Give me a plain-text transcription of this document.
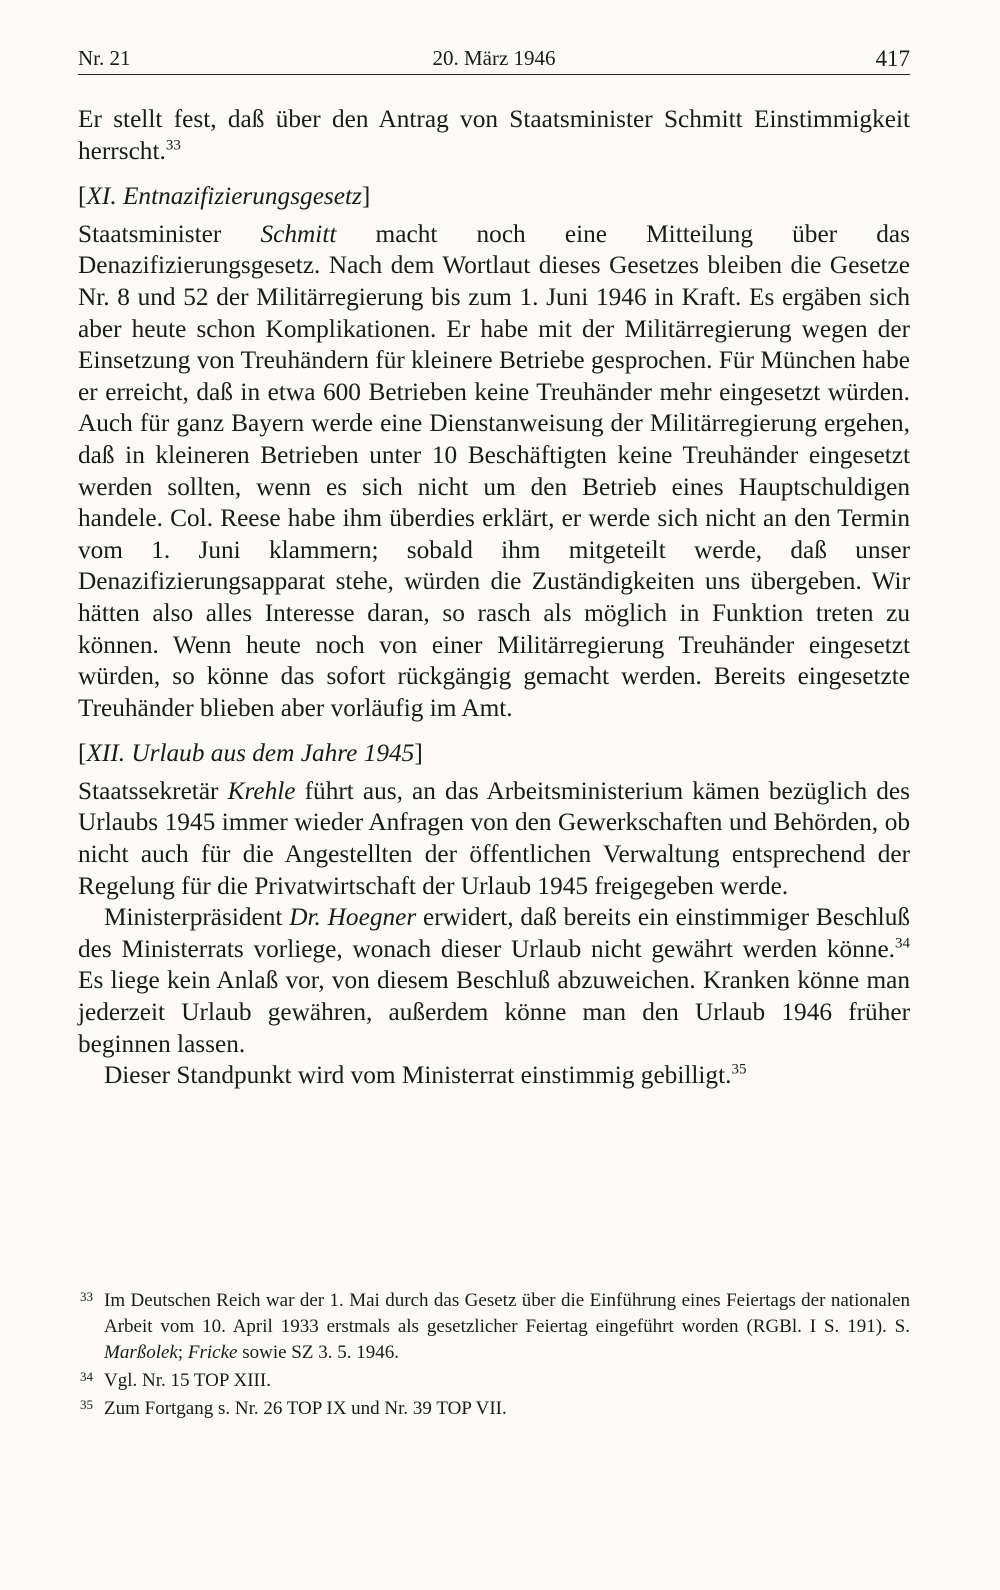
Nr. 21	20. März 1946	417

Er stellt fest, daß über den Antrag von Staatsminister Schmitt Einstimmigkeit herrscht.$^{33}$

[XI. Entnazifizierungsgesetz]

Staatsminister Schmitt macht noch eine Mitteilung über das Denazifizierungsgesetz. Nach dem Wortlaut dieses Gesetzes bleiben die Gesetze Nr. 8 und 52 der Militärregierung bis zum 1. Juni 1946 in Kraft. Es ergäben sich aber heute schon Komplikationen. Er habe mit der Militärregierung wegen der Einsetzung von Treuhändern für kleinere Betriebe gesprochen. Für München habe er erreicht, daß in etwa 600 Betrieben keine Treuhänder mehr eingesetzt würden. Auch für ganz Bayern werde eine Dienstanweisung der Militärregierung ergehen, daß in kleineren Betrieben unter 10 Beschäftigten keine Treuhänder eingesetzt werden sollten, wenn es sich nicht um den Betrieb eines Hauptschuldigen handele. Col. Reese habe ihm überdies erklärt, er werde sich nicht an den Termin vom 1. Juni klammern; sobald ihm mitgeteilt werde, daß unser Denazifizierungsapparat stehe, würden die Zuständigkeiten uns übergeben. Wir hätten also alles Interesse daran, so rasch als möglich in Funktion treten zu können. Wenn heute noch von einer Militärregierung Treuhänder eingesetzt würden, so könne das sofort rückgängig gemacht werden. Bereits eingesetzte Treuhänder blieben aber vorläufig im Amt.

[XII. Urlaub aus dem Jahre 1945]

Staatssekretär Krehle führt aus, an das Arbeitsministerium kämen bezüglich des Urlaubs 1945 immer wieder Anfragen von den Gewerkschaften und Behörden, ob nicht auch für die Angestellten der öffentlichen Verwaltung entsprechend der Regelung für die Privatwirtschaft der Urlaub 1945 freigegeben werde.

Ministerpräsident Dr. Hoegner erwidert, daß bereits ein einstimmiger Beschluß des Ministerrats vorliege, wonach dieser Urlaub nicht gewährt werden könne.$^{34}$ Es liege kein Anlaß vor, von diesem Beschluß abzuweichen. Kranken könne man jederzeit Urlaub gewähren, außerdem könne man den Urlaub 1946 früher beginnen lassen.

Dieser Standpunkt wird vom Ministerrat einstimmig gebilligt.$^{35}$

33 Im Deutschen Reich war der 1. Mai durch das Gesetz über die Einführung eines Feiertags der nationalen Arbeit vom 10. April 1933 erstmals als gesetzlicher Feiertag eingeführt worden (RGBl. I S. 191). S. Marßolek; Fricke sowie SZ 3. 5. 1946.

34 Vgl. Nr. 15 TOP XIII.

35 Zum Fortgang s. Nr. 26 TOP IX und Nr. 39 TOP VII.
